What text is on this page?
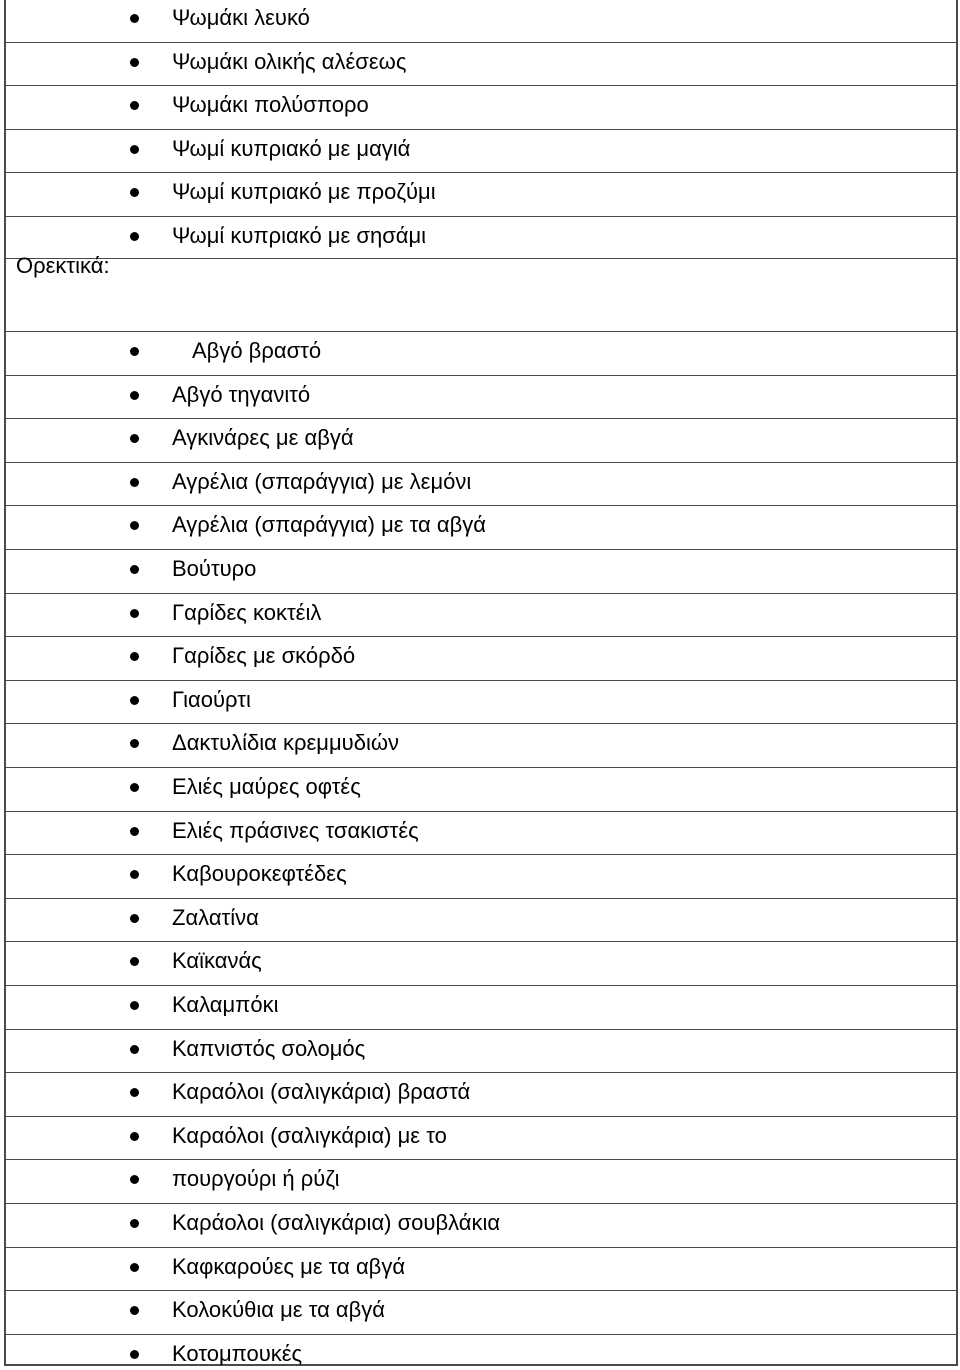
Ψωμάκι λευκό
Ψωμάκι ολικής αλέσεως
Ψωμάκι πολύσπορο
Ψωμί κυπριακό με μαγιά
Ψωμί κυπριακό με προζύμι
Ψωμί κυπριακό με σησάμι
Αβγό βραστό
Αβγό τηγανιτό
Αγκινάρες με αβγά
Αγρέλια (σπαράγγια) με λεμόνι
Αγρέλια (σπαράγγια) με τα αβγά
Βούτυρο
Γαρίδες κοκτέιλ
Γαρίδες με σκόρδό
Γιαούρτι
Δακτυλίδια κρεμμυδιών
Ελιές μαύρες οφτές
Ελιές πράσινες τσακιστές
Καβουροκεφτέδες
Ζαλατίνα
Καϊκανάς
Καλαμπόκι
Καπνιστός σολομός
Καραόλοι (σαλιγκάρια) βραστά
Καραόλοι (σαλιγκάρια) με το
πουργούρι ή ρύζι
Καράολοι (σαλιγκάρια) σουβλάκια
Καφκαρούες με τα αβγά
Κολοκύθια με τα αβγά
Κοτομπουκές
Ορεκτικά:
